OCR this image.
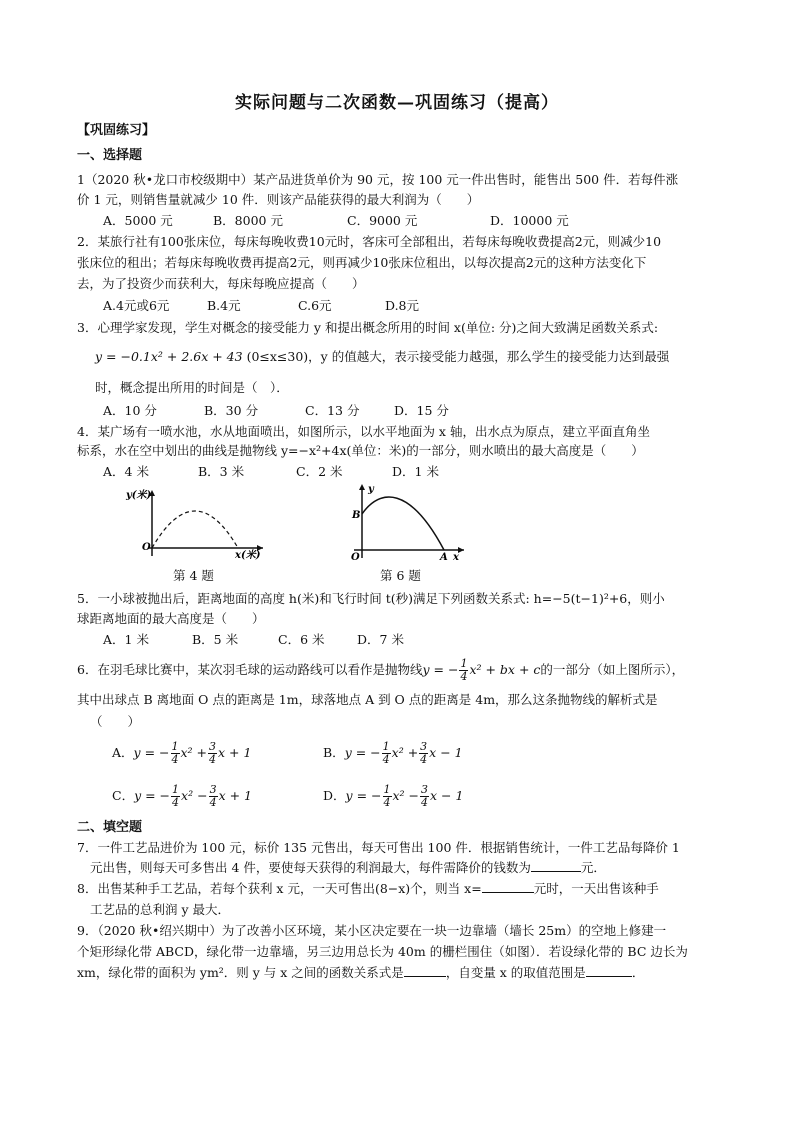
实际问题与二次函数—巩固练习（提高）
【巩固练习】
一、选择题
1（2020 秋•龙口市校级期中）某产品进货单价为 90 元，按 100 元一件出售时，能售出 500 件．若每件涨
价 1 元，则销售量就减少 10 件．则该产品能获得的最大利润为（　　）
A．5000 元	B．8000 元	C．9000 元	D．10000 元
2．某旅行社有100张床位，每床每晚收费10元时，客床可全部租出，若每床每晚收费提高2元，则减少10
张床位的租出；若每床每晚收费再提高2元，则再减少10张床位租出，以每次提高2元的这种方法变化下
去，为了投资少而获利大，每床每晚应提高（　　）
A.4元或6元	B.4元	C.6元	D.8元
3．心理学家发现，学生对概念的接受能力 y 和提出概念所用的时间 x(单位: 分)之间大致满足函数关系式:
y = −0.1x² + 2.6x + 43 (0≤x≤30)，y 的值越大，表示接受能力越强，那么学生的接受能力达到最强
时，概念提出所用的时间是（　）．
A．10 分	B．30 分	C．13 分	D．15 分
4．某广场有一喷水池，水从地面喷出，如图所示，以水平地面为 x 轴，出水点为原点，建立平面直角坐
标系，水在空中划出的曲线是抛物线 y=−x²+4x(单位：米)的一部分，则水喷出的最大高度是（　　）
A．4 米	B．3 米	C．2 米	D．1 米
y(米)
O
x(米)
第 4 题
y
B
O	A x
第 6 题
5．一小球被抛出后，距离地面的高度 h(米)和飞行时间 t(秒)满足下列函数关系式: h=−5(t−1)²+6，则小
球距离地面的最大高度是（　　）
A．1 米	B．5 米	C．6 米	D．7 米
6．在羽毛球比赛中，某次羽毛球的运动路线可以看作是抛物线y = − $\frac{1}{4} x^2$ + bx + c的一部分（如上图所示），
其中出球点 B 离地面 O 点的距离是 1m，球落地点 A 到 O 点的距离是 4m，那么这条抛物线的解析式是
（　　）
A．y = − $\frac{1}{4} x^2 + \frac{3}{4}$ x + 1	B．y = − $\frac{1}{4} x^2 + \frac{3}{4}$ x − 1
C．y = − $\frac{1}{4} x^2 - \frac{3}{4}$ x + 1	D．y = − $\frac{1}{4} x^2 - \frac{3}{4}$ x − 1
二、填空题
7．一件工艺品进价为 100 元，标价 135 元售出，每天可售出 100 件．根据销售统计，一件工艺品每降价 1
元出售，则每天可多售出 4 件，要使每天获得的利润最大，每件需降价的钱数为	元．
8．出售某种手工艺品，若每个获利 x 元，一天可售出(8−x)个，则当 x=	元时，一天出售该种手
工艺品的总利润 y 最大．
9．（2020 秋•绍兴期中）为了改善小区环境，某小区决定要在一块一边靠墙（墙长 25m）的空地上修建一
个矩形绿化带 ABCD，绿化带一边靠墙，另三边用总长为 40m 的栅栏围住（如图）．若设绿化带的 BC 边长为
xm，绿化带的面积为 ym²．则 y 与 x 之间的函数关系式是	，自变量 x 的取值范围是	．
